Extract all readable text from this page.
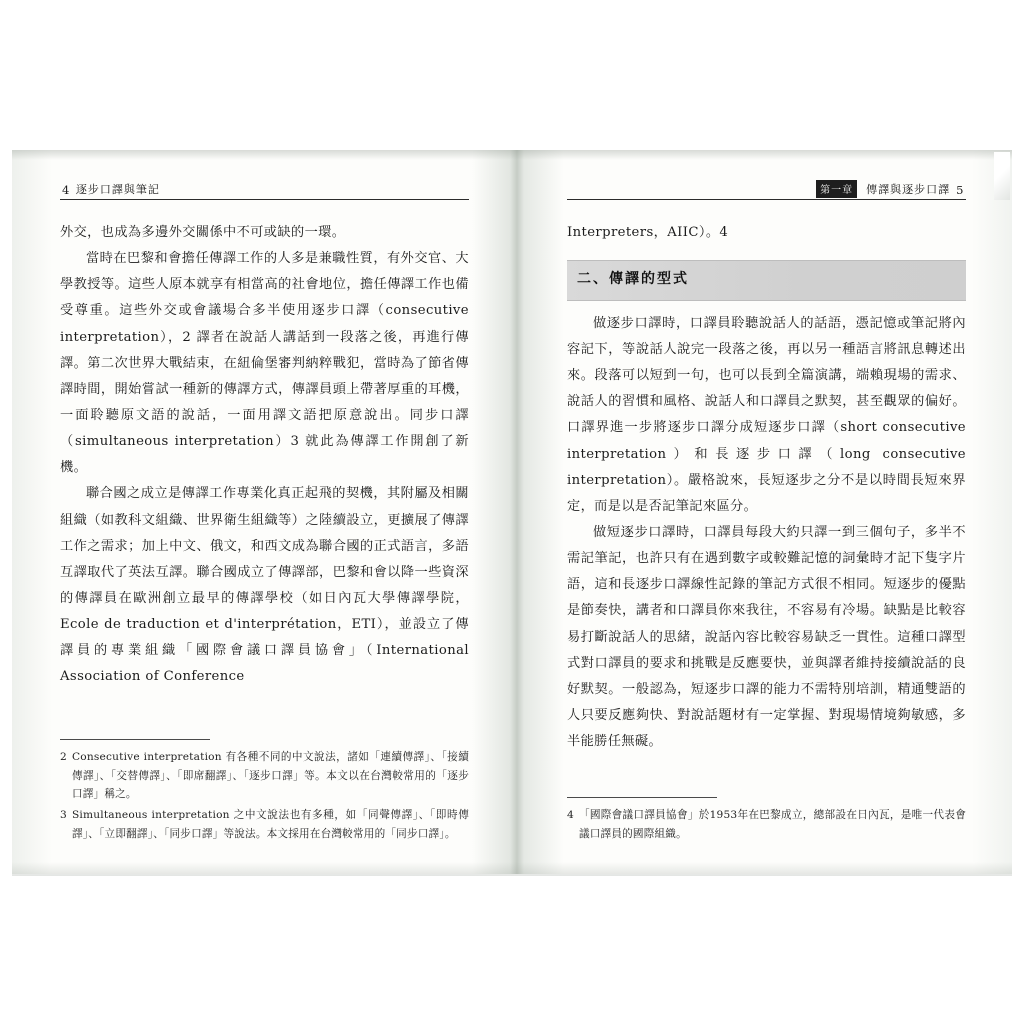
4 逐步口譯與筆記

外交，也成為多邊外交關係中不可或缺的一環。

當時在巴黎和會擔任傳譯工作的人多是兼職性質，有外交官、大學教授等。這些人原本就享有相當高的社會地位，擔任傳譯工作也備受尊重。這些外交或會議場合多半使用逐步口譯（consecutive interpretation），2 譯者在說話人講話到一段落之後，再進行傳譯。第二次世界大戰結束，在紐倫堡審判納粹戰犯，當時為了節省傳譯時間，開始嘗試一種新的傳譯方式，傳譯員頭上帶著厚重的耳機，一面聆聽原文語的說話，一面用譯文語把原意說出。同步口譯（simultaneous interpretation）3 就此為傳譯工作開創了新機。

聯合國之成立是傳譯工作專業化真正起飛的契機，其附屬及相關組織（如教科文組織、世界衛生組織等）之陸續設立，更擴展了傳譯工作之需求；加上中文、俄文，和西文成為聯合國的正式語言，多語互譯取代了英法互譯。聯合國成立了傳譯部，巴黎和會以降一些資深的傳譯員在歐洲創立最早的傳譯學校（如日內瓦大學傳譯學院，Ecole de traduction et d'interprétation，ETI），並設立了傳譯員的專業組織「國際會議口譯員協會」（International Association of Conference

2 Consecutive interpretation 有各種不同的中文說法，諸如「連續傳譯」、「接續傳譯」、「交替傳譯」、「即席翻譯」、「逐步口譯」等。本文以在台灣較常用的「逐步口譯」稱之。
3 Simultaneous interpretation 之中文說法也有多種，如「同聲傳譯」、「即時傳譯」、「立即翻譯」、「同步口譯」等說法。本文採用在台灣較常用的「同步口譯」。
第一章	傳譯與逐步口譯 5

Interpreters，AIIC）。4

二、傳譯的型式

做逐步口譯時，口譯員聆聽說話人的話語，憑記憶或筆記將內容記下，等說話人說完一段落之後，再以另一種語言將訊息轉述出來。段落可以短到一句，也可以長到全篇演講，端賴現場的需求、說話人的習慣和風格、說話人和口譯員之默契，甚至觀眾的偏好。口譯界進一步將逐步口譯分成短逐步口譯（short consecutive interpretation）和長逐步口譯（long consecutive interpretation）。嚴格說來，長短逐步之分不是以時間長短來界定，而是以是否記筆記來區分。

做短逐步口譯時，口譯員每段大約只譯一到三個句子，多半不需記筆記，也許只有在遇到數字或較難記憶的詞彙時才記下隻字片語，這和長逐步口譯線性記錄的筆記方式很不相同。短逐步的優點是節奏快，講者和口譯員你來我往，不容易有冷場。缺點是比較容易打斷說話人的思緒，說話內容比較容易缺乏一貫性。這種口譯型式對口譯員的要求和挑戰是反應要快，並與譯者維持接續說話的良好默契。一般認為，短逐步口譯的能力不需特別培訓，精通雙語的人只要反應夠快、對說話題材有一定掌握、對現場情境夠敏感，多半能勝任無礙。

4 「國際會議口譯員協會」於1953年在巴黎成立，總部設在日內瓦，是唯一代表會議口譯員的國際組織。
